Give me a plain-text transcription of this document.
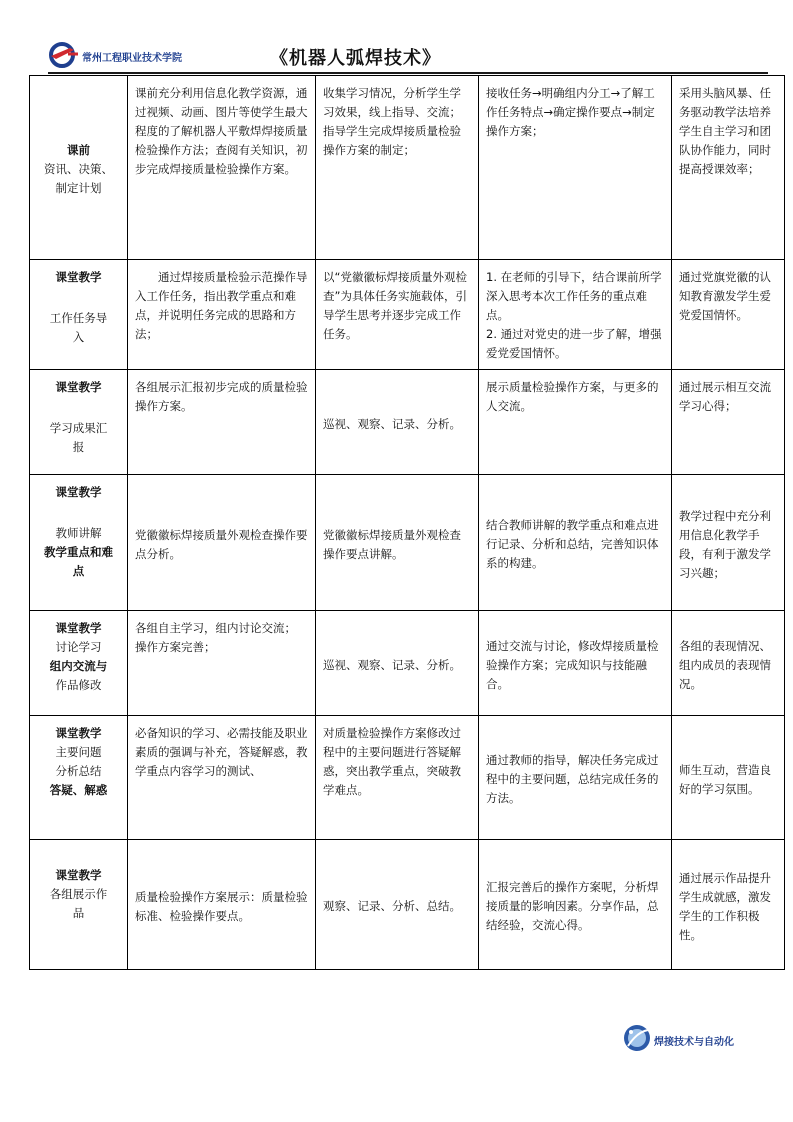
常州工程职业技术学院	《机器人弧焊技术》
课前
资讯、决策、
制定计划	课前充分利用信息化教学资源，通过视频、动画、图片等使学生最大程度的了解机器人平敷焊焊接质量检验操作方法；查阅有关知识，初步完成焊接质量检验操作方案。	收集学习情况，分析学生学习效果，线上指导、交流；指导学生完成焊接质量检验操作方案的制定；	接收任务→明确组内分工→了解工作任务特点→确定操作要点→制定操作方案；	采用头脑风暴、任务驱动教学法培养学生自主学习和团队协作能力，同时提高授课效率；

课堂教学
工作任务导
入	通过焊接质量检验示范操作导入工作任务，指出教学重点和难点，并说明任务完成的思路和方法；	以“党徽徽标焊接质量外观检查”为具体任务实施载体，引导学生思考并逐步完成工作任务。	1. 在老师的引导下，结合课前所学深入思考本次工作任务的重点难点。
2. 通过对党史的进一步了解，增强爱党爱国情怀。	通过党旗党徽的认知教育激发学生爱党爱国情怀。

课堂教学
学习成果汇
报	各组展示汇报初步完成的质量检验操作方案。	巡视、观察、记录、分析。	展示质量检验操作方案，与更多的人交流。	通过展示相互交流学习心得；

课堂教学
教师讲解
教学重点和难
点	党徽徽标焊接质量外观检查操作要点分析。	党徽徽标焊接质量外观检查操作要点讲解。	结合教师讲解的教学重点和难点进行记录、分析和总结，完善知识体系的构建。	教学过程中充分利用信息化教学手段，有利于激发学习兴趣；

课堂教学
讨论学习
组内交流与
作品修改	各组自主学习，组内讨论交流；
操作方案完善；	巡视、观察、记录、分析。	通过交流与讨论，修改焊接质量检验操作方案；完成知识与技能融合。	各组的表现情况、组内成员的表现情况。

课堂教学
主要问题
分析总结
答疑、解惑	必备知识的学习、必需技能及职业素质的强调与补充，答疑解惑，教学重点内容学习的测试、	对质量检验操作方案修改过程中的主要问题进行答疑解惑，突出教学重点，突破教学难点。	通过教师的指导，解决任务完成过程中的主要问题，总结完成任务的方法。	师生互动，营造良好的学习氛围。

课堂教学
各组展示作
品	质量检验操作方案展示：质量检验标准、检验操作要点。	观察、记录、分析、总结。	汇报完善后的操作方案呢，分析焊接质量的影响因素。分享作品，总结经验，交流心得。	通过展示作品提升学生成就感，激发学生的工作积极性。
焊接技术与自动化
